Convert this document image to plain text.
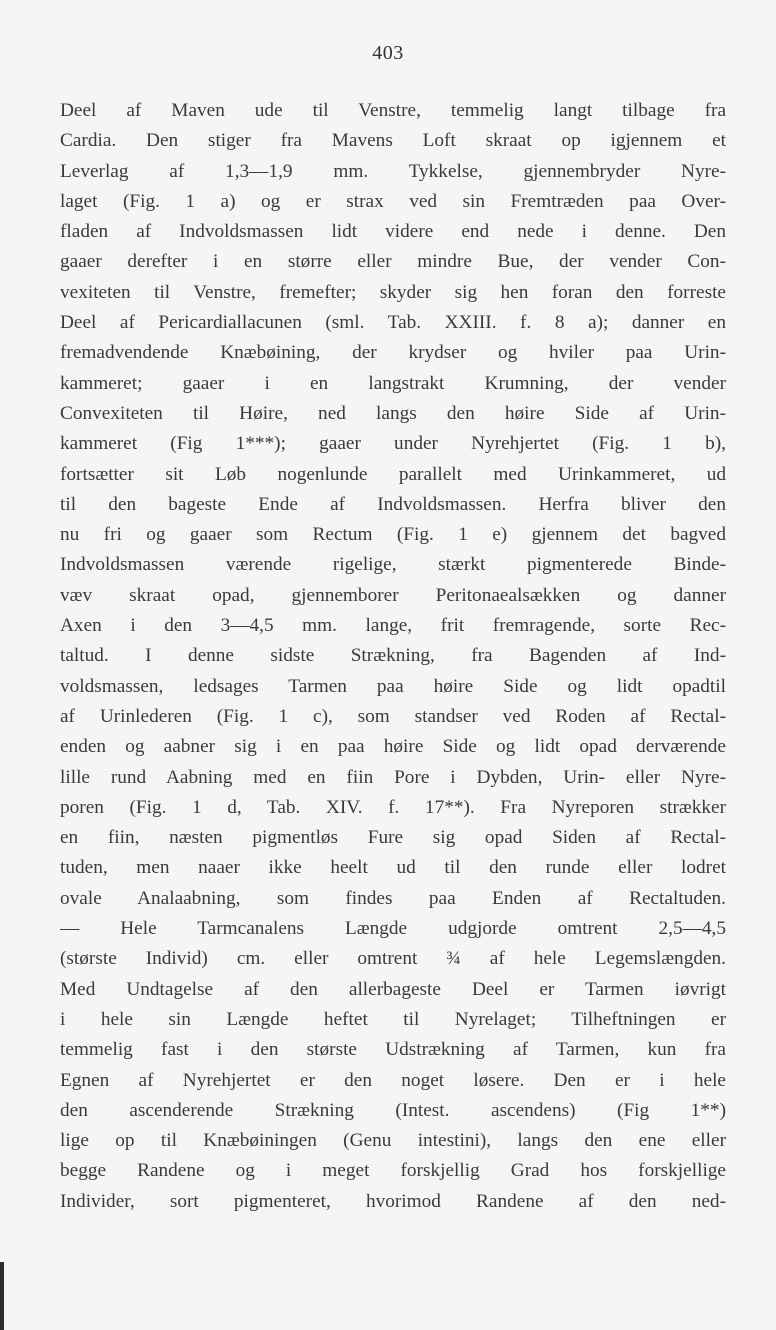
403
Deel af Maven ude til Venstre, temmelig langt tilbage fra
Cardia. Den stiger fra Mavens Loft skraat op igjennem et
Leverlag af 1,3—1,9 mm. Tykkelse, gjennembryder Nyre-
laget (Fig. 1 a) og er strax ved sin Fremtræden paa Over-
fladen af Indvoldsmassen lidt videre end nede i denne. Den
gaaer derefter i en større eller mindre Bue, der vender Con-
vexiteten til Venstre, fremefter; skyder sig hen foran den forreste
Deel af Pericardiallacunen (sml. Tab. XXIII. f. 8 a); danner en
fremadvendende Knæbøining, der krydser og hviler paa Urin-
kammeret; gaaer i en langstrakt Krumning, der vender
Convexiteten til Høire, ned langs den høire Side af Urin-
kammeret (Fig 1***); gaaer under Nyrehjertet (Fig. 1 b),
fortsætter sit Løb nogenlunde parallelt med Urinkammeret, ud
til den bageste Ende af Indvoldsmassen. Herfra bliver den
nu fri og gaaer som Rectum (Fig. 1 e) gjennem det bagved
Indvoldsmassen værende rigelige, stærkt pigmenterede Binde-
væv skraat opad, gjennemborer Peritonaealsækken og danner
Axen i den 3—4,5 mm. lange, frit fremragende, sorte Rec-
taltud. I denne sidste Strækning, fra Bagenden af Ind-
voldsmassen, ledsages Tarmen paa høire Side og lidt opadtil
af Urinlederen (Fig. 1 c), som standser ved Roden af Rectal-
enden og aabner sig i en paa høire Side og lidt opad derværende
lille rund Aabning med en fiin Pore i Dybden, Urin- eller Nyre-
poren (Fig. 1 d, Tab. XIV. f. 17**). Fra Nyreporen strækker
en fiin, næsten pigmentløs Fure sig opad Siden af Rectal-
tuden, men naaer ikke heelt ud til den runde eller lodret
ovale Analaabning, som findes paa Enden af Rectaltuden.
— Hele Tarmcanalens Længde udgjorde omtrent 2,5—4,5
(største Individ) cm. eller omtrent ¾ af hele Legemslængden.
Med Undtagelse af den allerbageste Deel er Tarmen iøvrigt
i hele sin Længde heftet til Nyrelaget; Tilheftningen er
temmelig fast i den største Udstrækning af Tarmen, kun fra
Egnen af Nyrehjertet er den noget løsere. Den er i hele
den ascenderende Strækning (Intest. ascendens) (Fig 1**)
lige op til Knæbøiningen (Genu intestini), langs den ene eller
begge Randene og i meget forskjellig Grad hos forskjellige
Individer, sort pigmenteret, hvorimod Randene af den ned-
